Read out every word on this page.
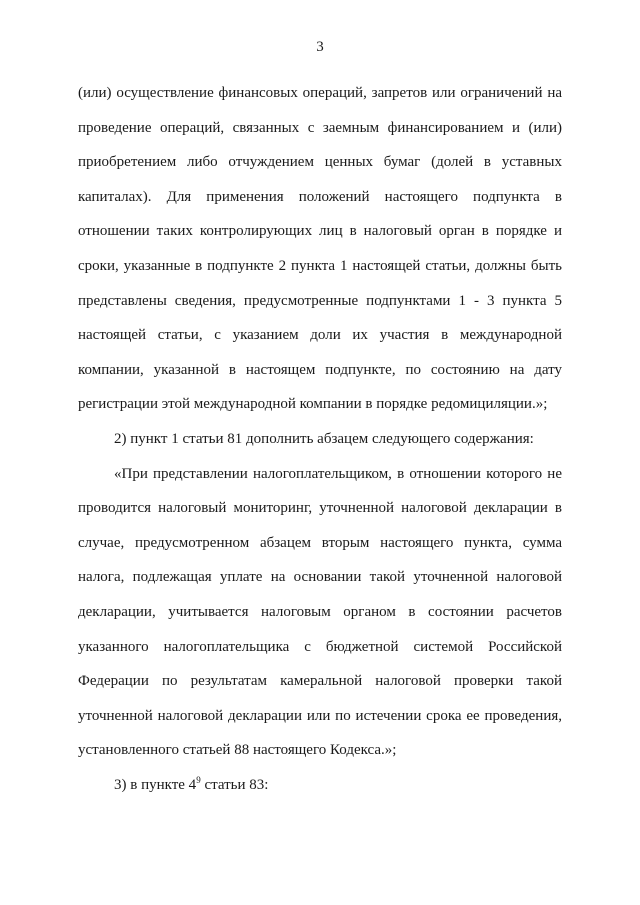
3
(или) осуществление финансовых операций, запретов или ограничений на
проведение операций, связанных с заемным финансированием и (или)
приобретением либо отчуждением ценных бумаг (долей в уставных
капиталах). Для применения положений настоящего подпункта в
отношении таких контролирующих лиц в налоговый орган в порядке и
сроки, указанные в подпункте 2 пункта 1 настоящей статьи, должны быть
представлены сведения, предусмотренные подпунктами 1 - 3 пункта 5
настоящей статьи, с указанием доли их участия в международной
компании, указанной в настоящем подпункте, по состоянию на дату
регистрации этой международной компании в порядке редомициляции.»;
2) пункт 1 статьи 81 дополнить абзацем следующего содержания:
«При представлении налогоплательщиком, в отношении которого не
проводится налоговый мониторинг, уточненной налоговой декларации в
случае, предусмотренном абзацем вторым настоящего пункта, сумма
налога, подлежащая уплате на основании такой уточненной налоговой
декларации, учитывается налоговым органом в состоянии расчетов
указанного налогоплательщика с бюджетной системой Российской
Федерации по результатам камеральной налоговой проверки такой
уточненной налоговой декларации или по истечении срока ее проведения,
установленного статьей 88 настоящего Кодекса.»;
3) в пункте $4^9$ статьи 83:
